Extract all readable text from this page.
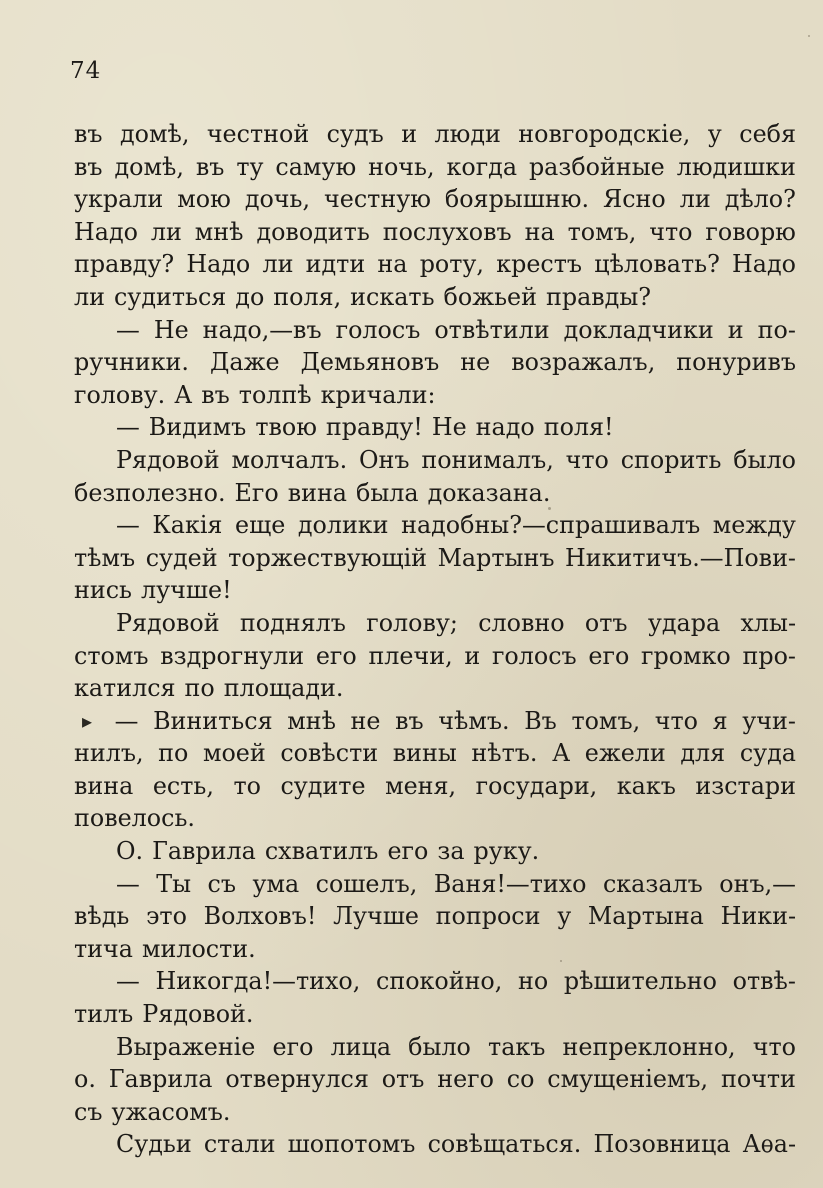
74
въ домѣ, честной судъ и люди новгородскіе, у себя
въ домѣ, въ ту самую ночь, когда разбойные людишки
украли мою дочь, честную боярышню. Ясно ли дѣло?
Надо ли мнѣ доводить послуховъ на томъ, что говорю
правду? Надо ли идти на роту, крестъ цѣловать? Надо
ли судиться до поля, искать божьей правды?
— Не надо,—въ голосъ отвѣтили докладчики и по-
ручники. Даже Демьяновъ не возражалъ, понуривъ
голову. А въ толпѣ кричали:
— Видимъ твою правду! Не надо поля!
Рядовой молчалъ. Онъ понималъ, что спорить было
безполезно. Его вина была доказана.
— Какія еще долики надобны?—спрашивалъ между
тѣмъ судей торжествующій Мартынъ Никитичъ.—Пови-
нись лучше!
Рядовой поднялъ голову; словно отъ удара хлы-
стомъ вздрогнули его плечи, и голосъ его громко про-
катился по площади.
▸ — Виниться мнѣ не въ чѣмъ. Въ томъ, что я учи-
нилъ, по моей совѣсти вины нѣтъ. А ежели для суда
вина есть, то судите меня, государи, какъ изстари
повелось.
О. Гаврила схватилъ его за руку.
— Ты съ ума сошелъ, Ваня!—тихо сказалъ онъ,—
вѣдь это Волховъ! Лучше попроси у Мартына Ники-
тича милости.
— Никогда!—тихо, спокойно, но рѣшительно отвѣ-
тилъ Рядовой.
Выраженіе его лица было такъ непреклонно, что
о. Гаврила отвернулся отъ него со смущеніемъ, почти
съ ужасомъ.
Судьи стали шопотомъ совѣщаться. Позовница Аѳа-
